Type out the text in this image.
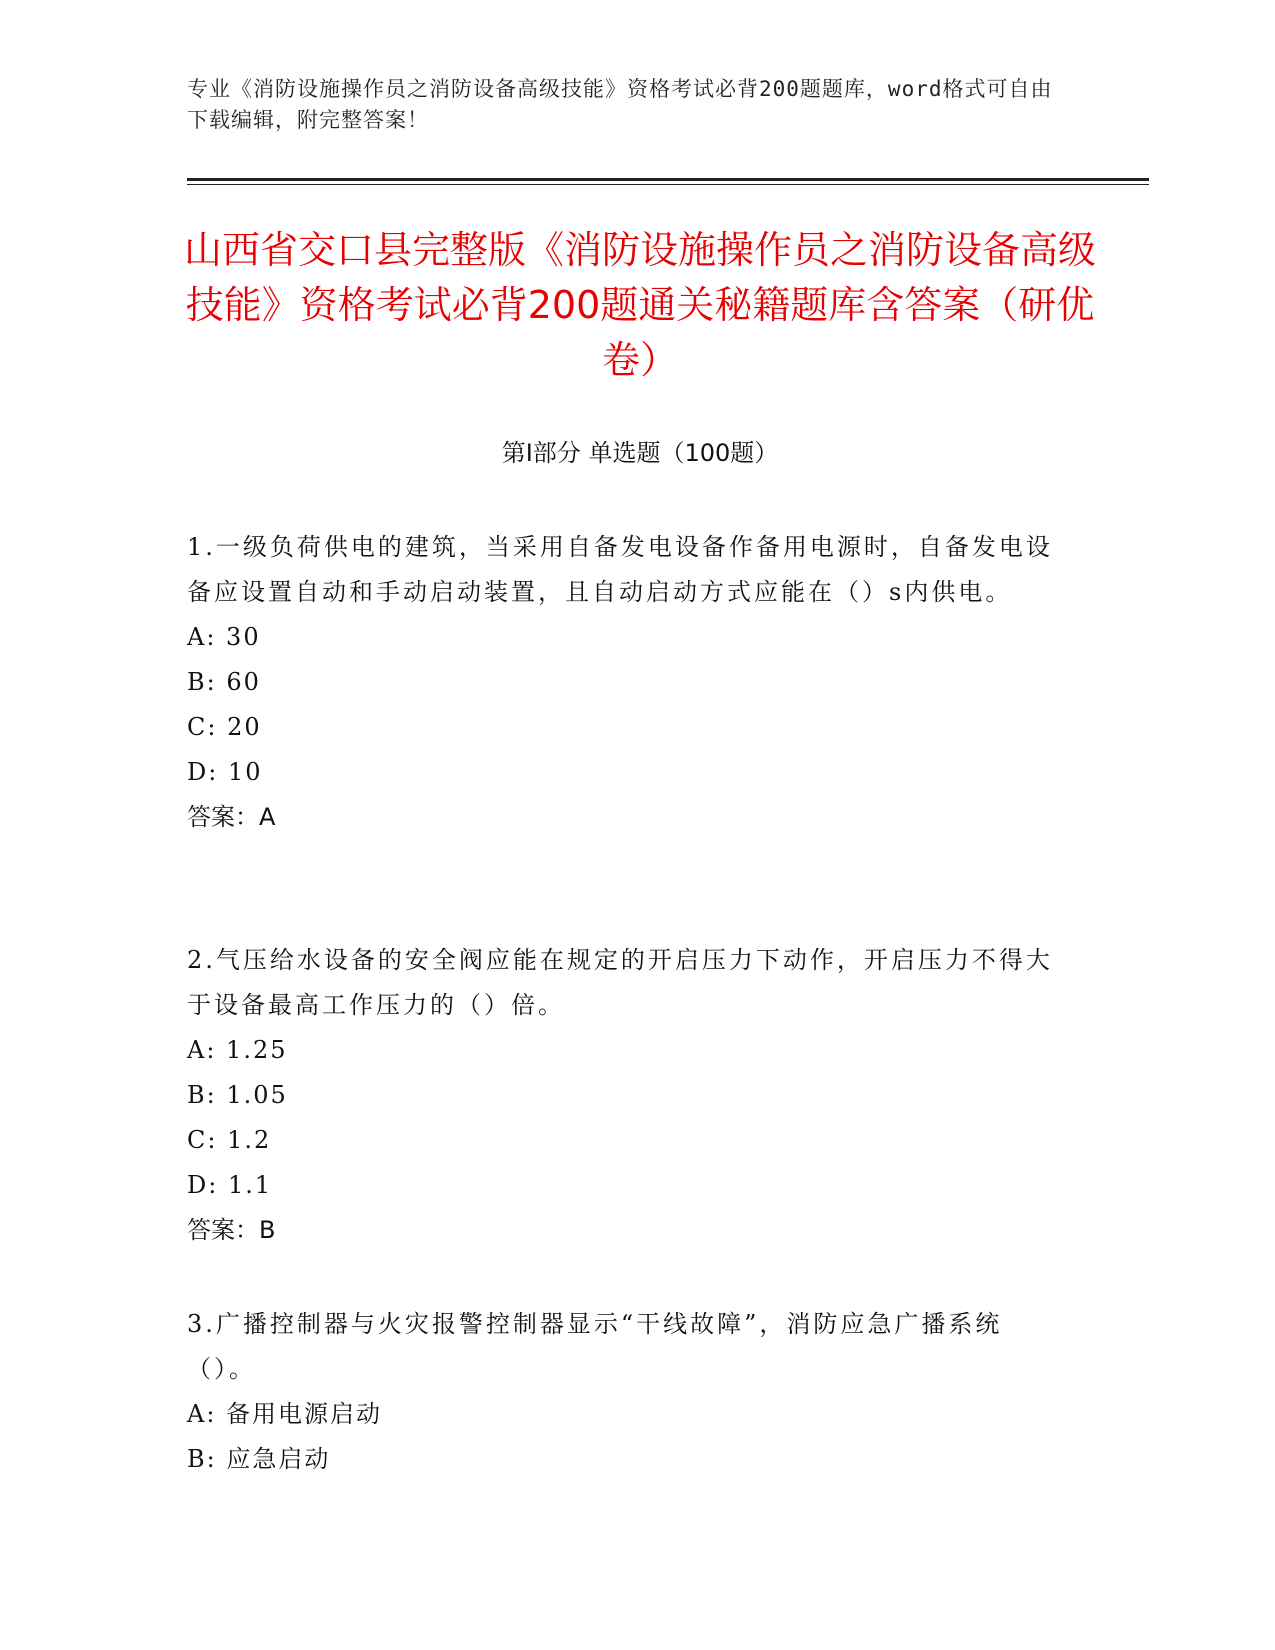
专业《消防设施操作员之消防设备高级技能》资格考试必背200题题库，word格式可自由下载编辑，附完整答案！
山西省交口县完整版《消防设施操作员之消防设备高级技能》资格考试必背200题通关秘籍题库含答案（研优卷）
第I部分 单选题（100题）

1.一级负荷供电的建筑，当采用自备发电设备作备用电源时，自备发电设备应设置自动和手动启动装置，且自动启动方式应能在（）s内供电。

A: 30

B: 60

C: 20

D: 10

答案：A

2.气压给水设备的安全阀应能在规定的开启压力下动作，开启压力不得大于设备最高工作压力的（）倍。

A: 1.25

B: 1.05

C: 1.2

D: 1.1

答案：B

3.广播控制器与火灾报警控制器显示“干线故障”，消防应急广播系统（）。

A: 备用电源启动

B: 应急启动
